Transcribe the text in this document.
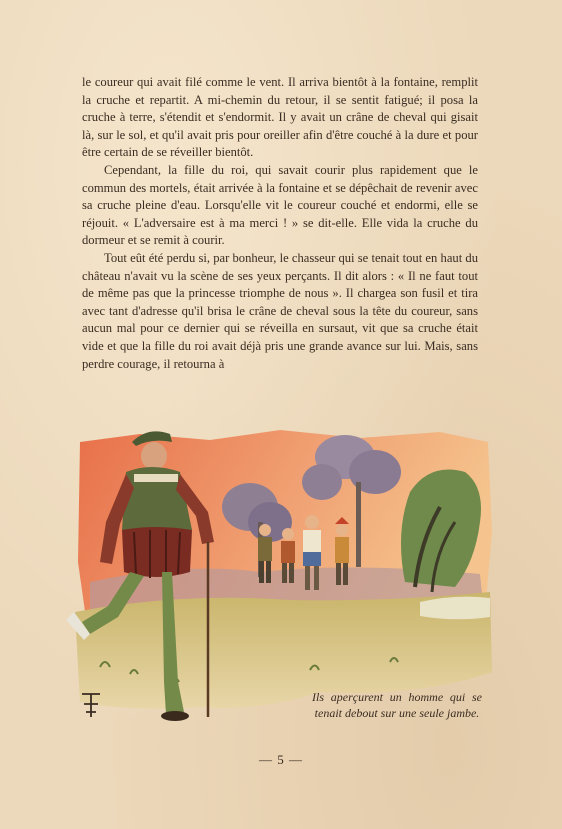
le coureur qui avait filé comme le vent. Il arriva bientôt à la fontaine, remplit la cruche et repartit. A mi-chemin du retour, il se sentit fatigué; il posa la cruche à terre, s'étendit et s'endormit. Il y avait un crâne de cheval qui gisait là, sur le sol, et qu'il avait pris pour oreiller afin d'être couché à la dure et pour être certain de se réveiller bientôt.

Cependant, la fille du roi, qui savait courir plus rapidement que le commun des mortels, était arrivée à la fontaine et se dépêchait de revenir avec sa cruche pleine d'eau. Lorsqu'elle vit le coureur couché et endormi, elle se réjouit. « L'adversaire est à ma merci ! » se dit-elle. Elle vida la cruche du dormeur et se remit à courir.

Tout eût été perdu si, par bonheur, le chasseur qui se tenait tout en haut du château n'avait vu la scène de ses yeux perçants. Il dit alors : « Il ne faut tout de même pas que la princesse triomphe de nous ». Il chargea son fusil et tira avec tant d'adresse qu'il brisa le crâne de cheval sous la tête du coureur, sans aucun mal pour ce dernier qui se réveilla en sursaut, vit que sa cruche était vide et que la fille du roi avait déjà pris une grande avance sur lui. Mais, sans perdre courage, il retourna à

Ils aperçurent un homme qui se tenait debout sur une seule jambe.
— 5 —
